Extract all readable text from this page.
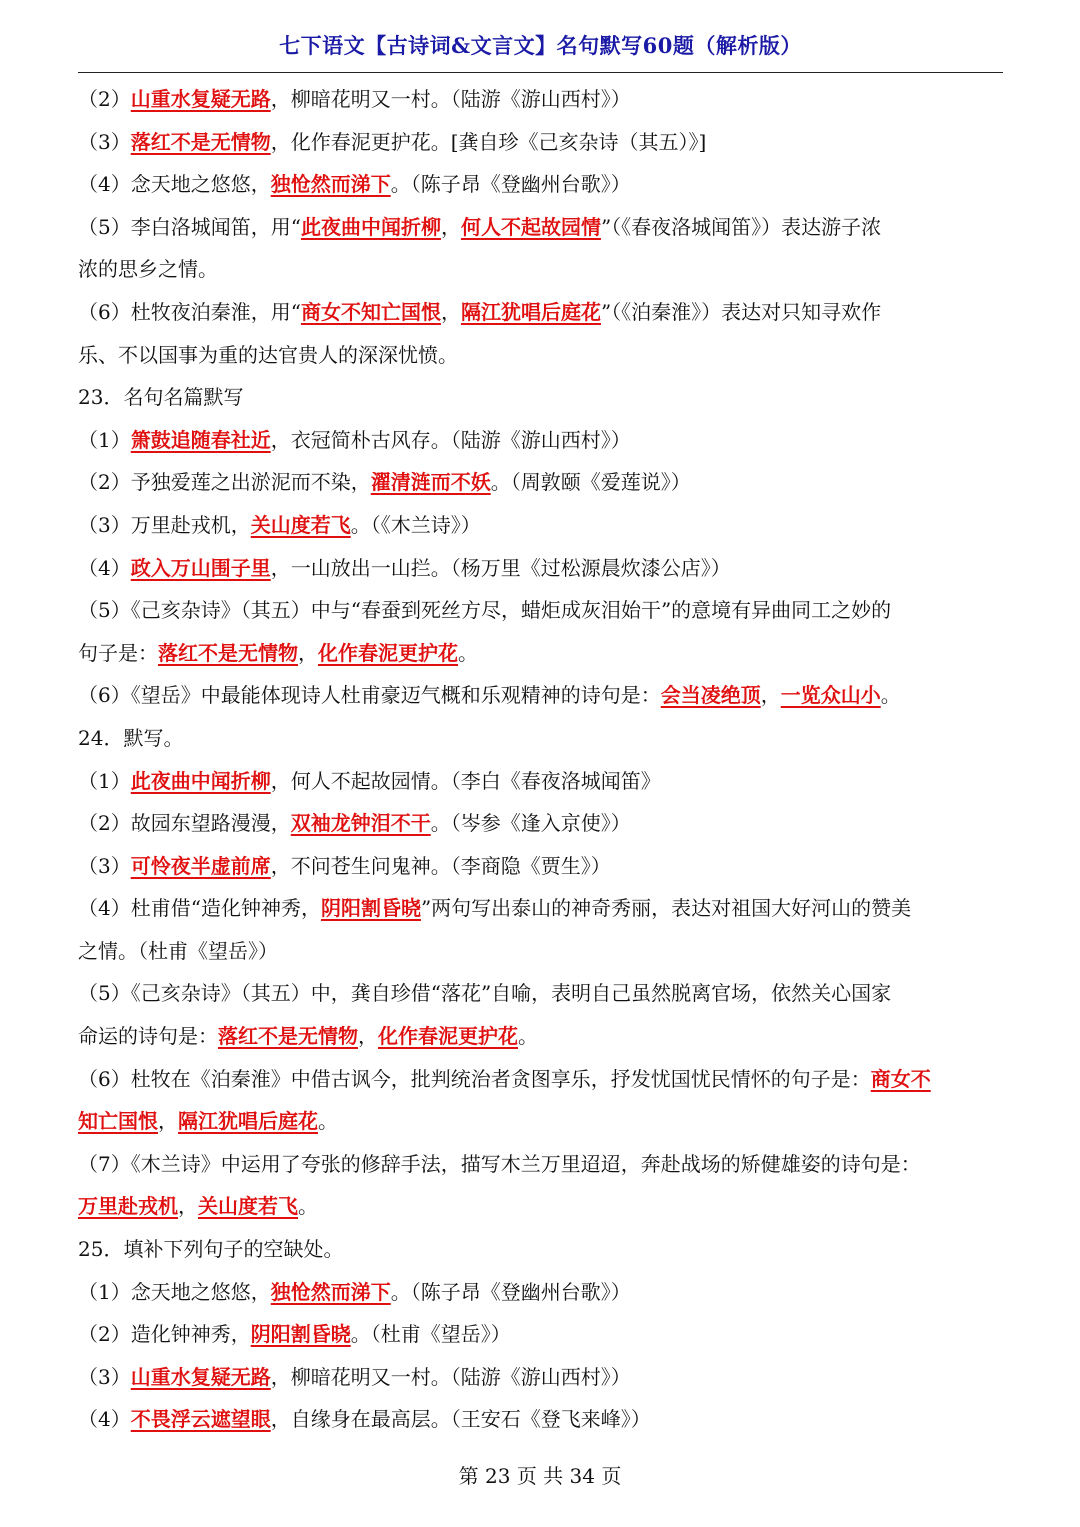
七下语文【古诗词&文言文】名句默写60题（解析版）
（2）山重水复疑无路，柳暗花明又一村。（陆游《游山西村》）
（3）落红不是无情物，化作春泥更护花。[龚自珍《己亥杂诗（其五）》]
（4）念天地之悠悠，独怆然而涕下。（陈子昂《登幽州台歌》）
（5）李白洛城闻笛，用“此夜曲中闻折柳，何人不起故园情”（《春夜洛城闻笛》）表达游子浓
浓的思乡之情。
（6）杜牧夜泊秦淮，用“商女不知亡国恨，隔江犹唱后庭花”（《泊秦淮》）表达对只知寻欢作
乐、不以国事为重的达官贵人的深深忧愤。
23．名句名篇默写
（1）箫鼓追随春社近，衣冠简朴古风存。（陆游《游山西村》）
（2）予独爱莲之出淤泥而不染，濯清涟而不妖。（周敦颐《爱莲说》）
（3）万里赴戎机，关山度若飞。（《木兰诗》）
（4）政入万山围子里，一山放出一山拦。（杨万里《过松源晨炊漆公店》）
（5）《己亥杂诗》（其五）中与“春蚕到死丝方尽，蜡炬成灰泪始干”的意境有异曲同工之妙的
句子是：落红不是无情物，化作春泥更护花。
（6）《望岳》中最能体现诗人杜甫豪迈气概和乐观精神的诗句是：会当凌绝顶，一览众山小。
24．默写。
（1）此夜曲中闻折柳，何人不起故园情。（李白《春夜洛城闻笛》
（2）故园东望路漫漫，双袖龙钟泪不干。（岑参《逢入京使》）
（3）可怜夜半虚前席，不问苍生问鬼神。（李商隐《贾生》）
（4）杜甫借“造化钟神秀，阴阳割昏晓”两句写出泰山的神奇秀丽，表达对祖国大好河山的赞美
之情。（杜甫《望岳》）
（5）《己亥杂诗》（其五）中，龚自珍借“落花”自喻，表明自己虽然脱离官场，依然关心国家
命运的诗句是：落红不是无情物，化作春泥更护花。
（6）杜牧在《泊秦淮》中借古讽今，批判统治者贪图享乐，抒发忧国忧民情怀的句子是：商女不
知亡国恨，隔江犹唱后庭花。
（7）《木兰诗》中运用了夸张的修辞手法，描写木兰万里迢迢，奔赴战场的矫健雄姿的诗句是：
万里赴戎机，关山度若飞。
25．填补下列句子的空缺处。
（1）念天地之悠悠，独怆然而涕下。（陈子昂《登幽州台歌》）
（2）造化钟神秀，阴阳割昏晓。（杜甫《望岳》）
（3）山重水复疑无路，柳暗花明又一村。（陆游《游山西村》）
（4）不畏浮云遮望眼，自缘身在最高层。（王安石《登飞来峰》）
第 23 页 共 34 页
